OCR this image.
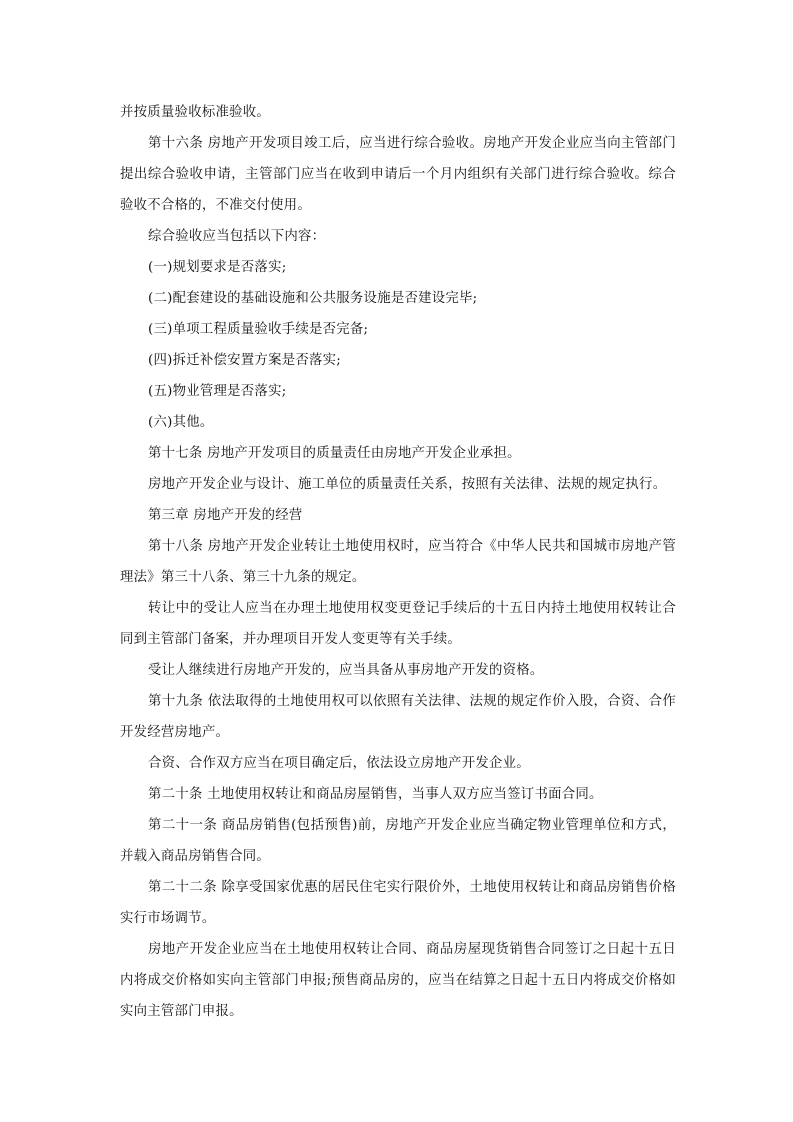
并按质量验收标准验收。

第十六条 房地产开发项目竣工后，应当进行综合验收。房地产开发企业应当向主管部门提出综合验收申请，主管部门应当在收到申请后一个月内组织有关部门进行综合验收。综合验收不合格的，不准交付使用。

综合验收应当包括以下内容：

(一)规划要求是否落实;

(二)配套建设的基础设施和公共服务设施是否建设完毕;

(三)单项工程质量验收手续是否完备;

(四)拆迁补偿安置方案是否落实;

(五)物业管理是否落实;

(六)其他。

第十七条 房地产开发项目的质量责任由房地产开发企业承担。

房地产开发企业与设计、施工单位的质量责任关系，按照有关法律、法规的规定执行。

第三章 房地产开发的经营

第十八条 房地产开发企业转让土地使用权时，应当符合《中华人民共和国城市房地产管理法》第三十八条、第三十九条的规定。

转让中的受让人应当在办理土地使用权变更登记手续后的十五日内持土地使用权转让合同到主管部门备案，并办理项目开发人变更等有关手续。

受让人继续进行房地产开发的，应当具备从事房地产开发的资格。

第十九条 依法取得的土地使用权可以依照有关法律、法规的规定作价入股，合资、合作开发经营房地产。

合资、合作双方应当在项目确定后，依法设立房地产开发企业。

第二十条 土地使用权转让和商品房屋销售，当事人双方应当签订书面合同。

第二十一条 商品房销售(包括预售)前，房地产开发企业应当确定物业管理单位和方式，并载入商品房销售合同。

第二十二条 除享受国家优惠的居民住宅实行限价外，土地使用权转让和商品房销售价格实行市场调节。

房地产开发企业应当在土地使用权转让合同、商品房屋现货销售合同签订之日起十五日内将成交价格如实向主管部门申报;预售商品房的，应当在结算之日起十五日内将成交价格如实向主管部门申报。
